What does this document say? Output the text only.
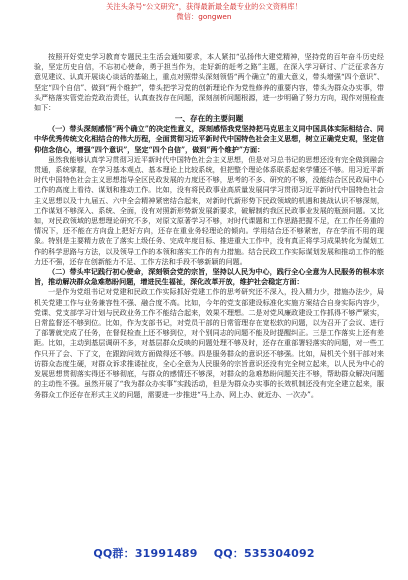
关注头条号“公文研究”，获得最新最全最专业的公文资料库！
微信：gongwen

按照开好党史学习教育专题民主生活会通知要求，本人紧扣“弘扬伟大建党精神，坚持党的百年奋斗历史经验，坚定历史自信，不忘初心使命，勇于担当作为，走好新的赶考之路”主题，在深入学习研讨、广泛征求各方意见建议、认真开展谈心谈话的基础上，重点对照带头深刻领悟“两个确立”的重大意义，带头增强“四个意识”、坚定“四个自信”、做到“两个维护”，带头把学习党的创新理论作为党性修养的重要内容，带头为群众办实事，带头严格落实管党治党政治责任，认真查找存在问题，深刻剖析问题根源，进一步明确了努力方向，现作对照检查如下：

一、存在的主要问题

（一）带头深刻感悟“两个确立”的决定性意义，深刻感悟我党坚持把马克思主义同中国具体实际相结合、同中华优秀传统文化相结合的伟大历程，全面贯彻习近平新时代中国特色社会主义思想，树立正确党史观，坚定信仰信念信心，增强“四个意识”，坚定“四个自信”，做到“两个维护”方面：

虽然我能够认真学习贯彻习近平新时代中国特色社会主义思想，但是对习总书记的思想还没有完全做到融会贯通，系统掌握，在学习基本观点、基本理论上比较系统，但把整个理论体系联系起来学懂还不够。用习近平新时代中国特色社会主义思想指导全区民政发展的力度还不够，思考的不多、研究的不够，没能结合区民政局中心工作的高度上看待、谋划和推动工作。比如，没有将民政事业高质量发展同学习贯彻习近平新时代中国特色社会主义思想以及十九届五、六中全会精神紧密结合起来，对新时代新形势下民政领域的机遇和挑战认识不够深刻，工作谋划不够深入、系统、全面，没有对照新形势新发展新要求，破解制约我区民政事业发展的瓶颈问题。又比如，对民政领域的思想理论研究不多，对原文原著学习不够，对时代课题和工作思路把握不足，在工作任务重的情况下，还不能在方向盘上把好方向，还存在重业务轻理论的倾向。学用结合还不够紧密，存在学而不用的现象。特别是主要精力放在了落实上级任务、完成年度目标、推进重大工作中，没有真正将学习成果转化为谋划工作的科学思路与方法，以及领导工作的本领和落实工作的有力措施。结合民政工作实际谋划发展和推动工作的能力还不强，还存在创新能力不足、工作方法和手段不够新颖的问题。

（二）带头牢记践行初心使命，深刻领会党的宗旨，坚持以人民为中心，践行全心全意为人民服务的根本宗旨，推动解决群众急难愁盼问题，增进民生福祉，深化改革开放，维护社会稳定方面：

一是作为党组书记对党建和民政工作实际抓好党建工作的思考研究还不深入，投入精力少，措施办法少，局机关党建工作与业务兼容性不强、融合度不高。比如，今年的党支部建设标准化实施方案结合自身实际内容少，党课、党支部学习计划与民政业务工作不能结合起来，效果不理想。二是对党风廉政建设工作抓得不够严紧实，日常监督还不够到位。比如，作为支部书记，对党员干部的日常管理存在宽松软的问题，以为召开了会议、进行了部署就完成了任务，在督促检查上还不够到位，对个别同志的问题不能及时提醒纠正。三是工作落实上还有差距。比如，主动到基层调研不多，对基层群众反映的问题处理不够及时，还存在重部署轻落实的问题，对一些工作只开了会、下了文，在跟踪问效方面做得还不够。四是服务群众的意识还不够强。比如，局机关个别干部对来访群众态度生硬，对群众诉求推诿扯皮，全心全意为人民服务的宗旨意识还没有完全树立起来，以人民为中心的发展思想贯彻落实得还不够彻底，与群众的感情还不够深，对群众的急难愁盼问题关注不够，帮助群众解决问题的主动性不强。虽然开展了“我为群众办实事”实践活动，但是为群众办实事的长效机制还没有完全建立起来，服务群众工作还存在形式主义的问题，需要进一步推进“马上办、网上办、就近办、一次办”。

QQ群：31991489 QQ：535304092
